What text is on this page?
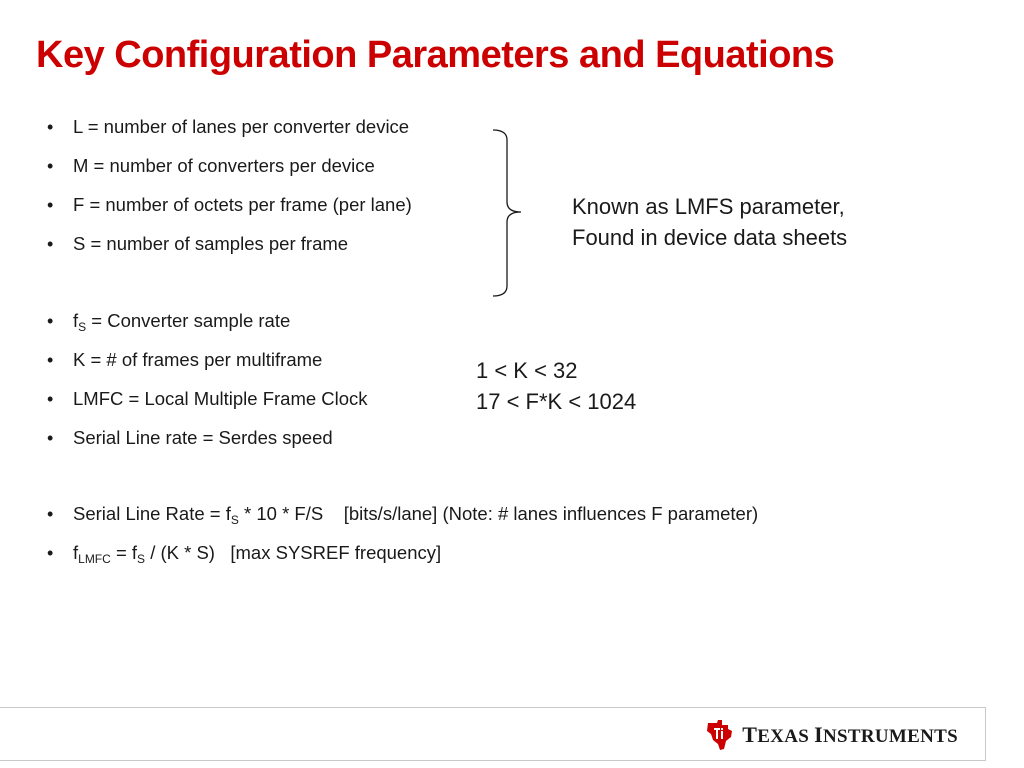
Key Configuration Parameters and Equations
• L = number of lanes per converter device
• M = number of converters per device
• F = number of octets per frame (per lane)
• S = number of samples per frame
Known as LMFS parameter,
Found in device data sheets
• $f_S$ = Converter sample rate
• K = # of frames per multiframe
• LMFC = Local Multiple Frame Clock
• Serial Line rate = Serdes speed
1 < K < 32
17 < F*K < 1024
• Serial Line Rate = $f_S * 10 * F/S$    [bits/s/lane] (Note: # lanes influences F parameter)
• $f_{LMFC} = f_S / (K * S)$   [max SYSREF frequency]
TEXAS INSTRUMENTS
